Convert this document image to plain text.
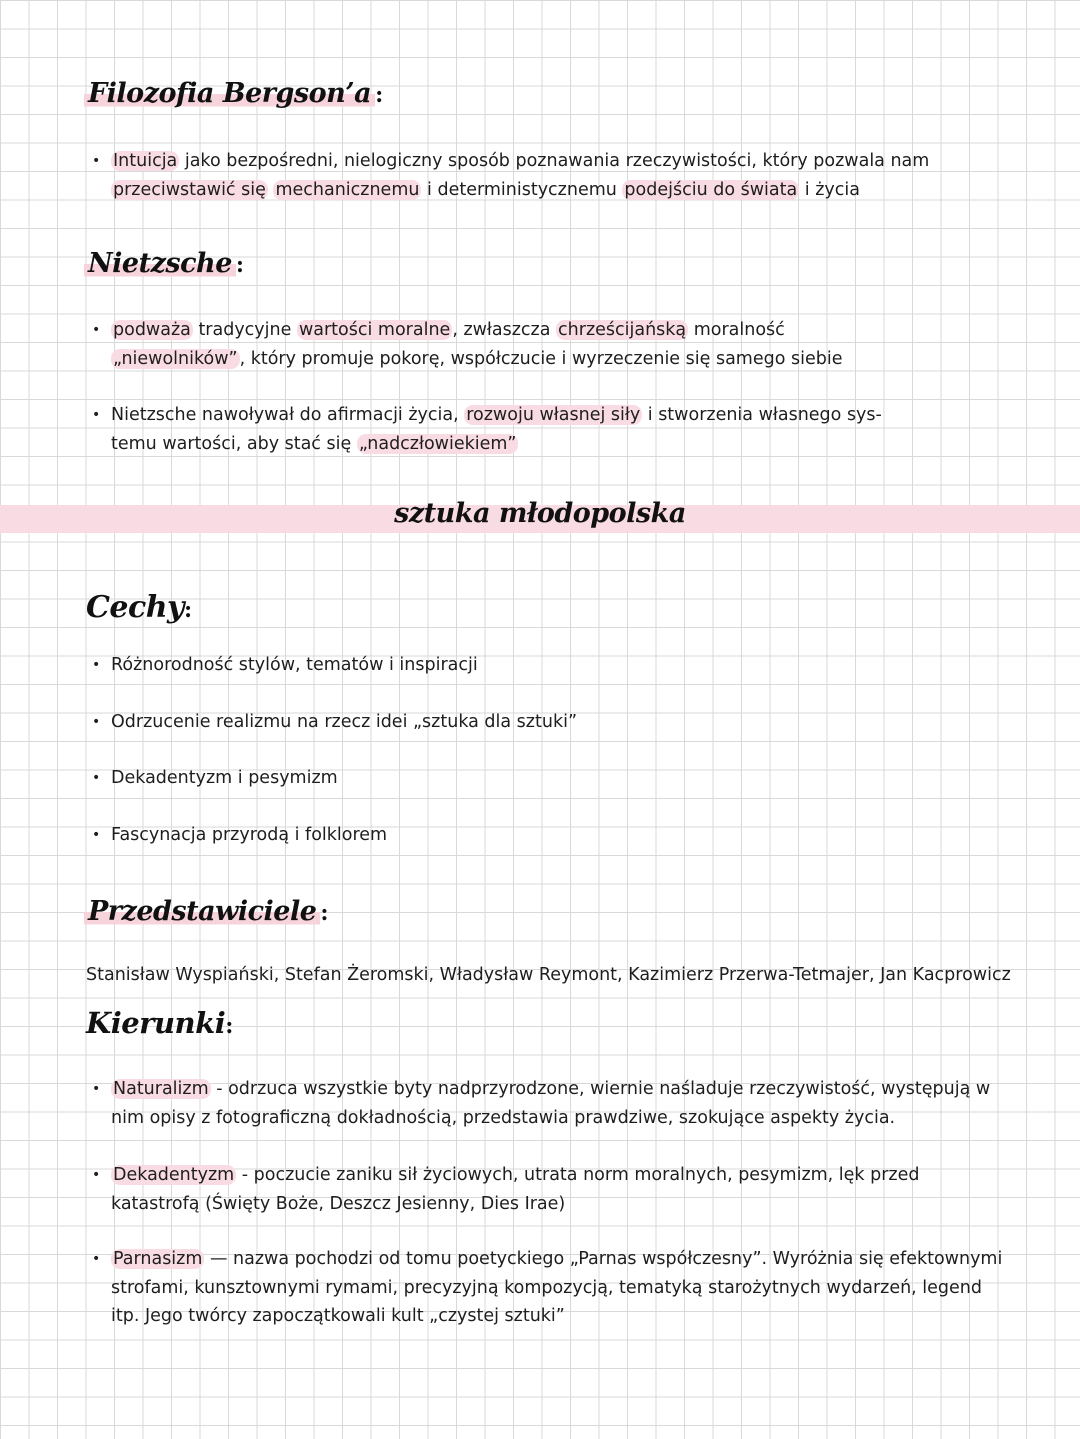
Filozofia Bergson’a :
• Intuicja jako bezpośredni, nielogiczny sposób poznawania rzeczywistości, który pozwala nam przeciwstawić się mechanicznemu i deterministycznemu podejściu do świata i życia
Nietzsche :
• podważa tradycyjne wartości moralne , zwłaszcza chrześcijańską moralność „niewolników” , który promuje pokorę, współczucie i wyrzeczenie się samego siebie
• Nietzsche nawoływał do afirmacji życia, rozwoju własnej siły i stworzenia własnego sys-temu wartości, aby stać się „nadczłowiekiem”
sztuka młodopolska
Cechy:
• Różnorodność stylów, tematów i inspiracji
• Odrzucenie realizmu na rzecz idei „sztuka dla sztuki”
• Dekadentyzm i pesymizm
• Fascynacja przyrodą i folklorem
Przedstawiciele :
Stanisław Wyspiański, Stefan Żeromski, Władysław Reymont, Kazimierz Przerwa-Tetmajer, Jan Kacprowicz
Kierunki:
• Naturalizm - odrzuca wszystkie byty nadprzyrodzone, wiernie naśladuje rzeczywistość, występują w nim opisy z fotograficzną dokładnością, przedstawia prawdziwe, szokujące aspekty życia.
• Dekadentyzm - poczucie zaniku sił życiowych, utrata norm moralnych, pesymizm, lęk przed katastrofą (Święty Boże, Deszcz Jesienny, Dies Irae)
• Parnasizm — nazwa pochodzi od tomu poetyckiego „Parnas współczesny”. Wyróżnia się efektownymi strofami, kunsztownymi rymami, precyzyjną kompozycją, tematyką starożytnych wydarzeń, legend itp. Jego twórcy zapoczątkowali kult „czystej sztuki”
